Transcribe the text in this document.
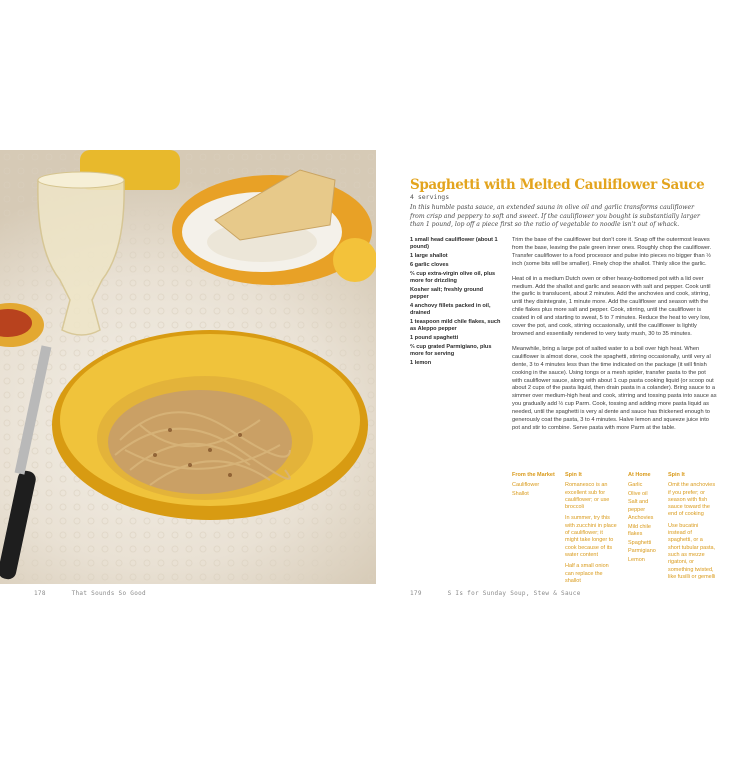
178	That Sounds So Good	179	S Is for Sunday Soup, Stew & Sauce
Spaghetti with Melted Cauliflower Sauce
4 servings
In this humble pasta sauce, an extended sauna in olive oil and garlic transforms cauliflower from crisp and peppery to soft and sweet. If the cauliflower you bought is substantially larger than 1 pound, lop off a piece first so the ratio of vegetable to noodle isn't out of whack.
1 small head cauliflower (about 1 pound)
1 large shallot
6 garlic cloves
⅔ cup extra-virgin olive oil, plus more for drizzling
Kosher salt; freshly ground pepper
4 anchovy fillets packed in oil, drained
1 teaspoon mild chile flakes, such as Aleppo pepper
1 pound spaghetti
⅔ cup grated Parmigiano, plus more for serving
1 lemon

Trim the base of the cauliflower but don't core it. Snap off the outermost leaves from the base, leaving the pale green inner ones. Roughly chop the cauliflower. Transfer cauliflower to a food processor and pulse into pieces no bigger than ½ inch (some bits will be smaller). Finely chop the shallot. Thinly slice the garlic.

Heat oil in a medium Dutch oven or other heavy-bottomed pot with a lid over medium. Add the shallot and garlic and season with salt and pepper. Cook until the garlic is translucent, about 2 minutes. Add the anchovies and cook, stirring, until they disintegrate, 1 minute more. Add the cauliflower and season with the chile flakes plus more salt and pepper. Cook, stirring, until the cauliflower is coated in oil and starting to sweat, 5 to 7 minutes. Reduce the heat to very low, cover the pot, and cook, stirring occasionally, until the cauliflower is lightly browned and essentially rendered to very tasty mush, 30 to 35 minutes.

Meanwhile, bring a large pot of salted water to a boil over high heat. When cauliflower is almost done, cook the spaghetti, stirring occasionally, until very al dente, 3 to 4 minutes less than the time indicated on the package (it will finish cooking in the sauce). Using tongs or a mesh spider, transfer pasta to the pot with cauliflower sauce, along with about 1 cup pasta cooking liquid (or scoop out about 2 cups of the pasta liquid, then drain pasta in a colander). Bring sauce to a simmer over medium-high heat and cook, stirring and tossing pasta into sauce as you gradually add ½ cup Parm. Cook, tossing and adding more pasta liquid as needed, until the spaghetti is very al dente and sauce has thickened enough to generously coat the pasta, 3 to 4 minutes. Halve lemon and squeeze juice into pot and stir to combine. Serve pasta with more Parm at the table.

From the Market
Cauliflower
Shallot
Spin It
Romanesco is an excellent sub for cauliflower; or use broccoli
In summer, try this with zucchini in place of cauliflower; it might take longer to cook because of its water content
Half a small onion can replace the shallot
At Home
Garlic
Olive oil
Salt and pepper
Anchovies
Mild chile flakes
Spaghetti
Parmigiano
Lemon
Spin It
Omit the anchovies if you prefer; or season with fish sauce toward the end of cooking
Use bucatini instead of spaghetti, or a short tubular pasta, such as mezze rigatoni, or something twisted, like fusilli or gemelli
